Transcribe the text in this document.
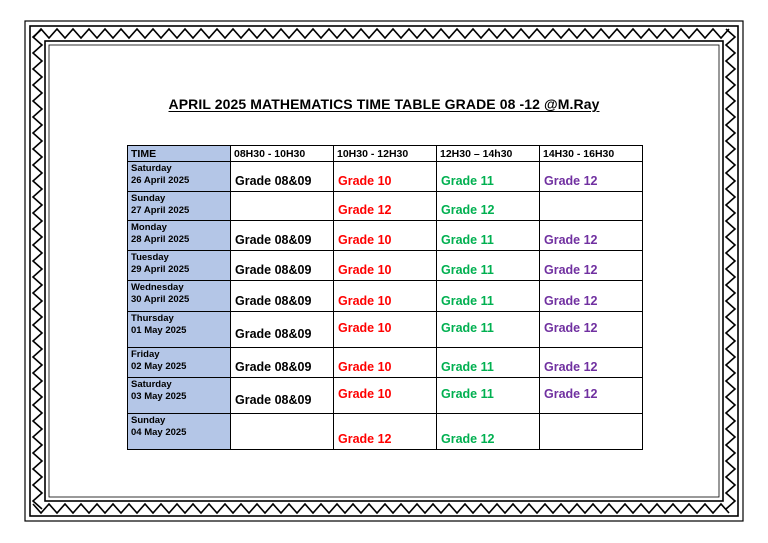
APRIL 2025 MATHEMATICS TIME TABLE GRADE 08 -12 @M.Ray
TIME	08H30 - 10H30	10H30 - 12H30	12H30 – 14h30	14H30 - 16H30

Saturday
26 April 2025	Grade 08&09	Grade 10	Grade 11	Grade 12

Sunday
27 April 2025		Grade 12	Grade 12	

Monday
28 April 2025	Grade 08&09	Grade 10	Grade 11	Grade 12

Tuesday
29 April 2025	Grade 08&09	Grade 10	Grade 11	Grade 12

Wednesday
30 April 2025	Grade 08&09	Grade 10	Grade 11	Grade 12

Thursday
01 May 2025	Grade 08&09	Grade 10	Grade 11	Grade 12

Friday
02 May 2025	Grade 08&09	Grade 10	Grade 11	Grade 12

Saturday
03 May 2025	Grade 08&09	Grade 10	Grade 11	Grade 12

Sunday
04 May 2025		Grade 12	Grade 12	
